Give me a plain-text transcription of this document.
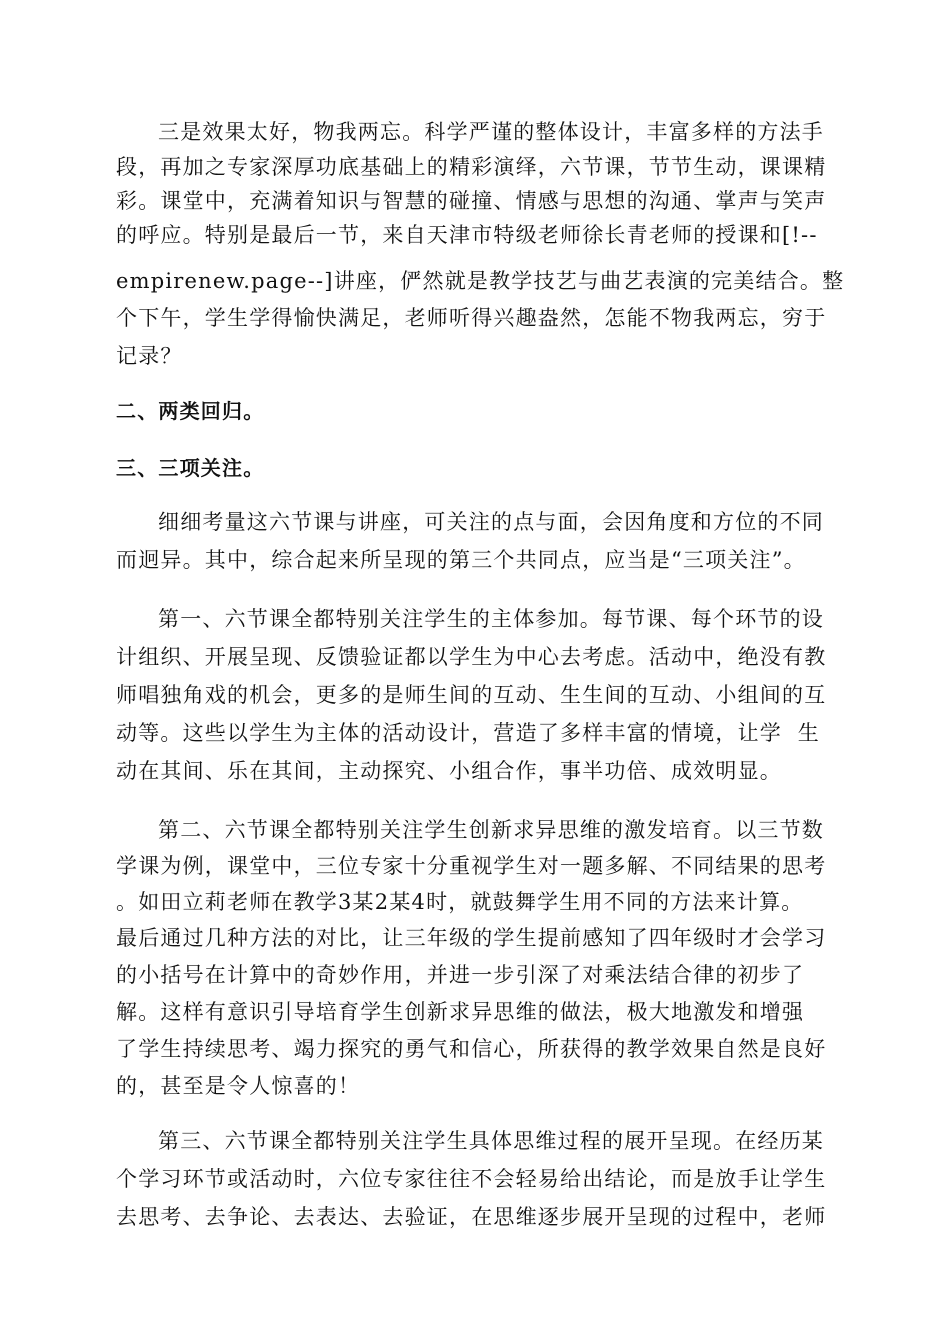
三是效果太好，物我两忘。科学严谨的整体设计，丰富多样的方法手
段，再加之专家深厚功底基础上的精彩演绎，六节课，节节生动，课课精
彩。课堂中，充满着知识与智慧的碰撞、情感与思想的沟通、掌声与笑声
的呼应。特别是最后一节，来自天津市特级老师徐长青老师的授课和[!--
empirenew.page--]讲座，俨然就是教学技艺与曲艺表演的完美结合。整
个下午，学生学得愉快满足，老师听得兴趣盎然，怎能不物我两忘，穷于
记录？
二、两类回归。
三、三项关注。
细细考量这六节课与讲座，可关注的点与面，会因角度和方位的不同
而迥异。其中，综合起来所呈现的第三个共同点，应当是“三项关注”。
第一、六节课全都特别关注学生的主体参加。每节课、每个环节的设
计组织、开展呈现、反馈验证都以学生为中心去考虑。活动中，绝没有教
师唱独角戏的机会，更多的是师生间的互动、生生间的互动、小组间的互
动等。这些以学生为主体的活动设计，营造了多样丰富的情境，让学  生
动在其间、乐在其间，主动探究、小组合作，事半功倍、成效明显。
第二、六节课全都特别关注学生创新求异思维的激发培育。以三节数
学课为例，课堂中，三位专家十分重视学生对一题多解、不同结果的思考
。如田立莉老师在教学3某2某4时，就鼓舞学生用不同的方法来计算。
最后通过几种方法的对比，让三年级的学生提前感知了四年级时才会学习
的小括号在计算中的奇妙作用，并进一步引深了对乘法结合律的初步了
解。这样有意识引导培育学生创新求异思维的做法，极大地激发和增强
了学生持续思考、竭力探究的勇气和信心，所获得的教学效果自然是良好
的，甚至是令人惊喜的！
第三、六节课全都特别关注学生具体思维过程的展开呈现。在经历某
个学习环节或活动时，六位专家往往不会轻易给出结论，而是放手让学生
去思考、去争论、去表达、去验证，在思维逐步展开呈现的过程中，老师
